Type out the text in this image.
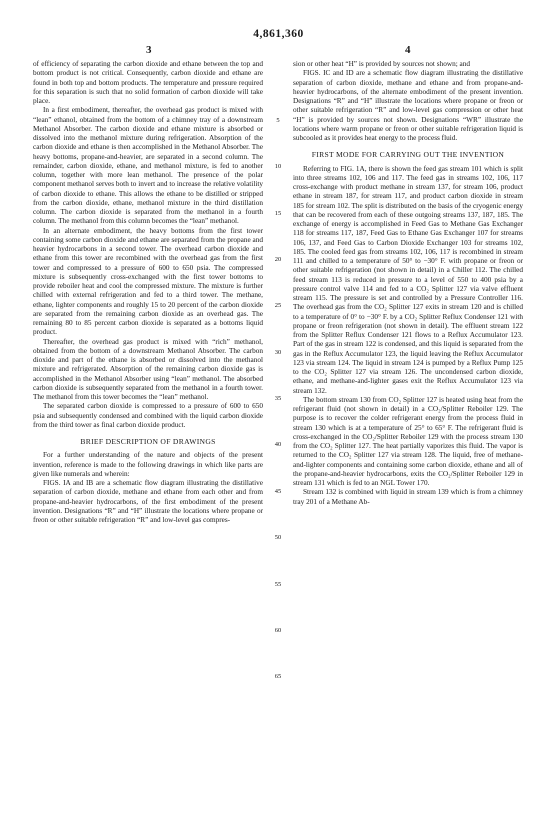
4,861,360
3	4

of efficiency of separating the carbon dioxide and ethane between the top and bottom product is not critical. Consequently, carbon dioxide and ethane are found in both top and bottom products. The temperature and pressure required for this separation is such that no solid formation of carbon dioxide will take place.

In a first embodiment, thereafter, the overhead gas product is mixed with “lean” ethanol, obtained from the bottom of a chimney tray of a downstream Methanol Absorber. The carbon dioxide and ethane mixture is absorbed or dissolved into the methanol mixture during refrigeration. Absorption of the carbon dioxide and ethane is then accomplished in the Methanol Absorber. The heavy bottoms, propane-and-heavier, are separated in a second column. The remainder, carbon dioxide, ethane, and methanol mixture, is fed to another column, together with more lean methanol. The presence of the polar component methanol serves both to invert and to increase the relative volatility of carbon dioxide to ethane. This allows the ethane to be distilled or stripped from the carbon dioxide, ethane, methanol mixture in the third distillation column. The carbon dioxide is separated from the methanol in a fourth column. The methanol from this column becomes the “lean” methanol.

In an alternate embodiment, the heavy bottoms from the first tower containing some carbon dioxide and ethane are separated from the propane and heavier hydrocarbons in a second tower. The overhead carbon dioxide and ethane from this tower are recombined with the overhead gas from the first tower and compressed to a pressure of 600 to 650 psia. The compressed mixture is subsequently cross-exchanged with the first tower bottoms to provide reboiler heat and cool the compressed mixture. The mixture is further chilled with external refrigeration and fed to a third tower. The methane, ethane, lighter components and roughly 15 to 20 percent of the carbon dioxide are separated from the remaining carbon dioxide as an overhead gas. The remaining 80 to 85 percent carbon dioxide is separated as a bottoms liquid product.

Thereafter, the overhead gas product is mixed with “rich” methanol, obtained from the bottom of a downstream Methanol Absorber. The carbon dioxide and part of the ethane is absorbed or dissolved into the methanol mixture and refrigerated. Absorption of the remaining carbon dioxide gas is accomplished in the Methanol Absorber using “lean” methanol. The absorbed carbon dioxide is subsequently separated from the methanol in a fourth tower. The methanol from this tower becomes the “lean” methanol.

The separated carbon dioxide is compressed to a pressure of 600 to 650 psia and subsequently condensed and combined with the liquid carbon dioxide from the third tower as final carbon dioxide product.

BRIEF DESCRIPTION OF DRAWINGS

For a further understanding of the nature and objects of the present invention, reference is made to the following drawings in which like parts are given like numerals and wherein:

FIGS. IA and IB are a schematic flow diagram illustrating the distillative separation of carbon dioxide, methane and ethane from each other and from propane-and-heavier hydrocarbons, of the first embodiment of the present invention. Designations “R” and “H” illustrate the locations where propane or freon or other suitable refrigeration “R” and low-level gas compres-

5
10
15
20
25
30
35
40
45
50
55
60
65

sion or other heat “H” is provided by sources not shown; and

FIGS. IC and ID are a schematic flow diagram illustrating the distillative separation of carbon dioxide, methane and ethane and from propane-and-heavier hydrocarbons, of the alternate embodiment of the present invention. Designations “R” and “H” illustrate the locations where propane or freon or other suitable refrigeration “R” and low-level gas compression or other heat “H” is provided by sources not shown. Designations “WR” illustrate the locations where warm propane or freon or other suitable refrigeration liquid is subcooled as it provides heat energy to the process fluid.

FIRST MODE FOR CARRYING OUT THE INVENTION

Referring to FIG. 1A, there is shown the feed gas stream 101 which is split into three streams 102, 106 and 117. The feed gas in streams 102, 106, 117 cross-exchange with product methane in stream 137, for stream 106, product ethane in stream 187, for stream 117, and product carbon dioxide in stream 185 for stream 102. The split is distributed on the basis of the cryogenic energy that can be recovered from each of these outgoing streams 137, 187, 185. The exchange of energy is accomplished in Feed Gas to Methane Gas Exchanger 118 for streams 117, 187, Feed Gas to Ethane Gas Exchanger 107 for streams 106, 137, and Feed Gas to Carbon Dioxide Exchanger 103 for streams 102, 185. The cooled feed gas from streams 102, 106, 117 is recombined in stream 111 and chilled to a temperature of 50° to −30° F. with propane or freon or other suitable refrigeration (not shown in detail) in a Chiller 112. The chilled feed stream 113 is reduced in pressure to a level of 550 to 400 psia by a pressure control valve 114 and fed to a CO₂ Splitter 127 via valve effluent stream 115. The pressure is set and controlled by a Pressure Controller 116. The overhead gas from the CO₂ Splitter 127 exits in stream 120 and is chilled to a temperature of 0° to −30° F. by a CO₂ Splitter Reflux Condenser 121 with propane or freon refrigeration (not shown in detail). The effluent stream 122 from the Splitter Reflux Condenser 121 flows to a Reflux Accumulator 123. Part of the gas in stream 122 is condensed, and this liquid is separated from the gas in the Reflux Accumulator 123, the liquid leaving the Reflux Accumulator 123 via stream 124. The liquid in stream 124 is pumped by a Reflux Pump 125 to the CO₂ Splitter 127 via stream 126. The uncondensed carbon dioxide, ethane, and methane-and-lighter gases exit the Reflux Accumulator 123 via stream 132.

The bottom stream 130 from CO₂ Splitter 127 is heated using heat from the refrigerant fluid (not shown in detail) in a CO₂/Splitter Reboiler 129. The purpose is to recover the colder refrigerant energy from the process fluid in stream 130 which is at a temperature of 25° to 65° F. The refrigerant fluid is cross-exchanged in the CO₂/Splitter Reboiler 129 with the process stream 130 from the CO₂ Splitter 127. The heat partially vaporizes this fluid. The vapor is returned to the CO₂ Splitter 127 via stream 128. The liquid, free of methane-and-lighter components and containing some carbon dioxide, ethane and all of the propane-and-heavier hydrocarbons, exits the CO₂/Splitter Reboiler 129 in stream 131 which is fed to an NGL Tower 170.

Stream 132 is combined with liquid in stream 139 which is from a chimney tray 201 of a Methane Ab-
